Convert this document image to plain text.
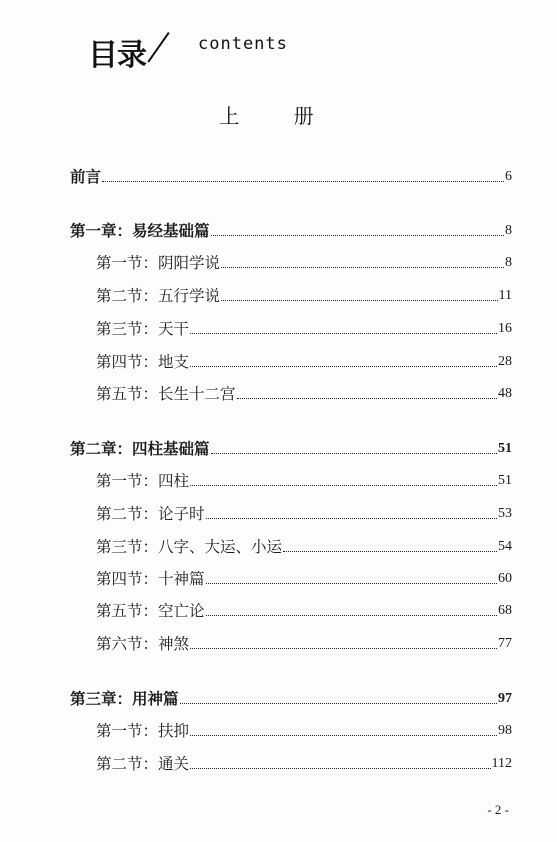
目录	contents
上 册
前言	6
第一章：易经基础篇	8
第一节：阴阳学说	8
第二节：五行学说	11
第三节：天干	16
第四节：地支	28
第五节：长生十二宫	48
第二章：四柱基础篇	51
第一节：四柱	51
第二节：论子时	53
第三节：八字、大运、小运	54
第四节：十神篇	60
第五节：空亡论	68
第六节：神煞	77
第三章：用神篇	97
第一节：扶抑	98
第二节：通关	112
- 2 -
